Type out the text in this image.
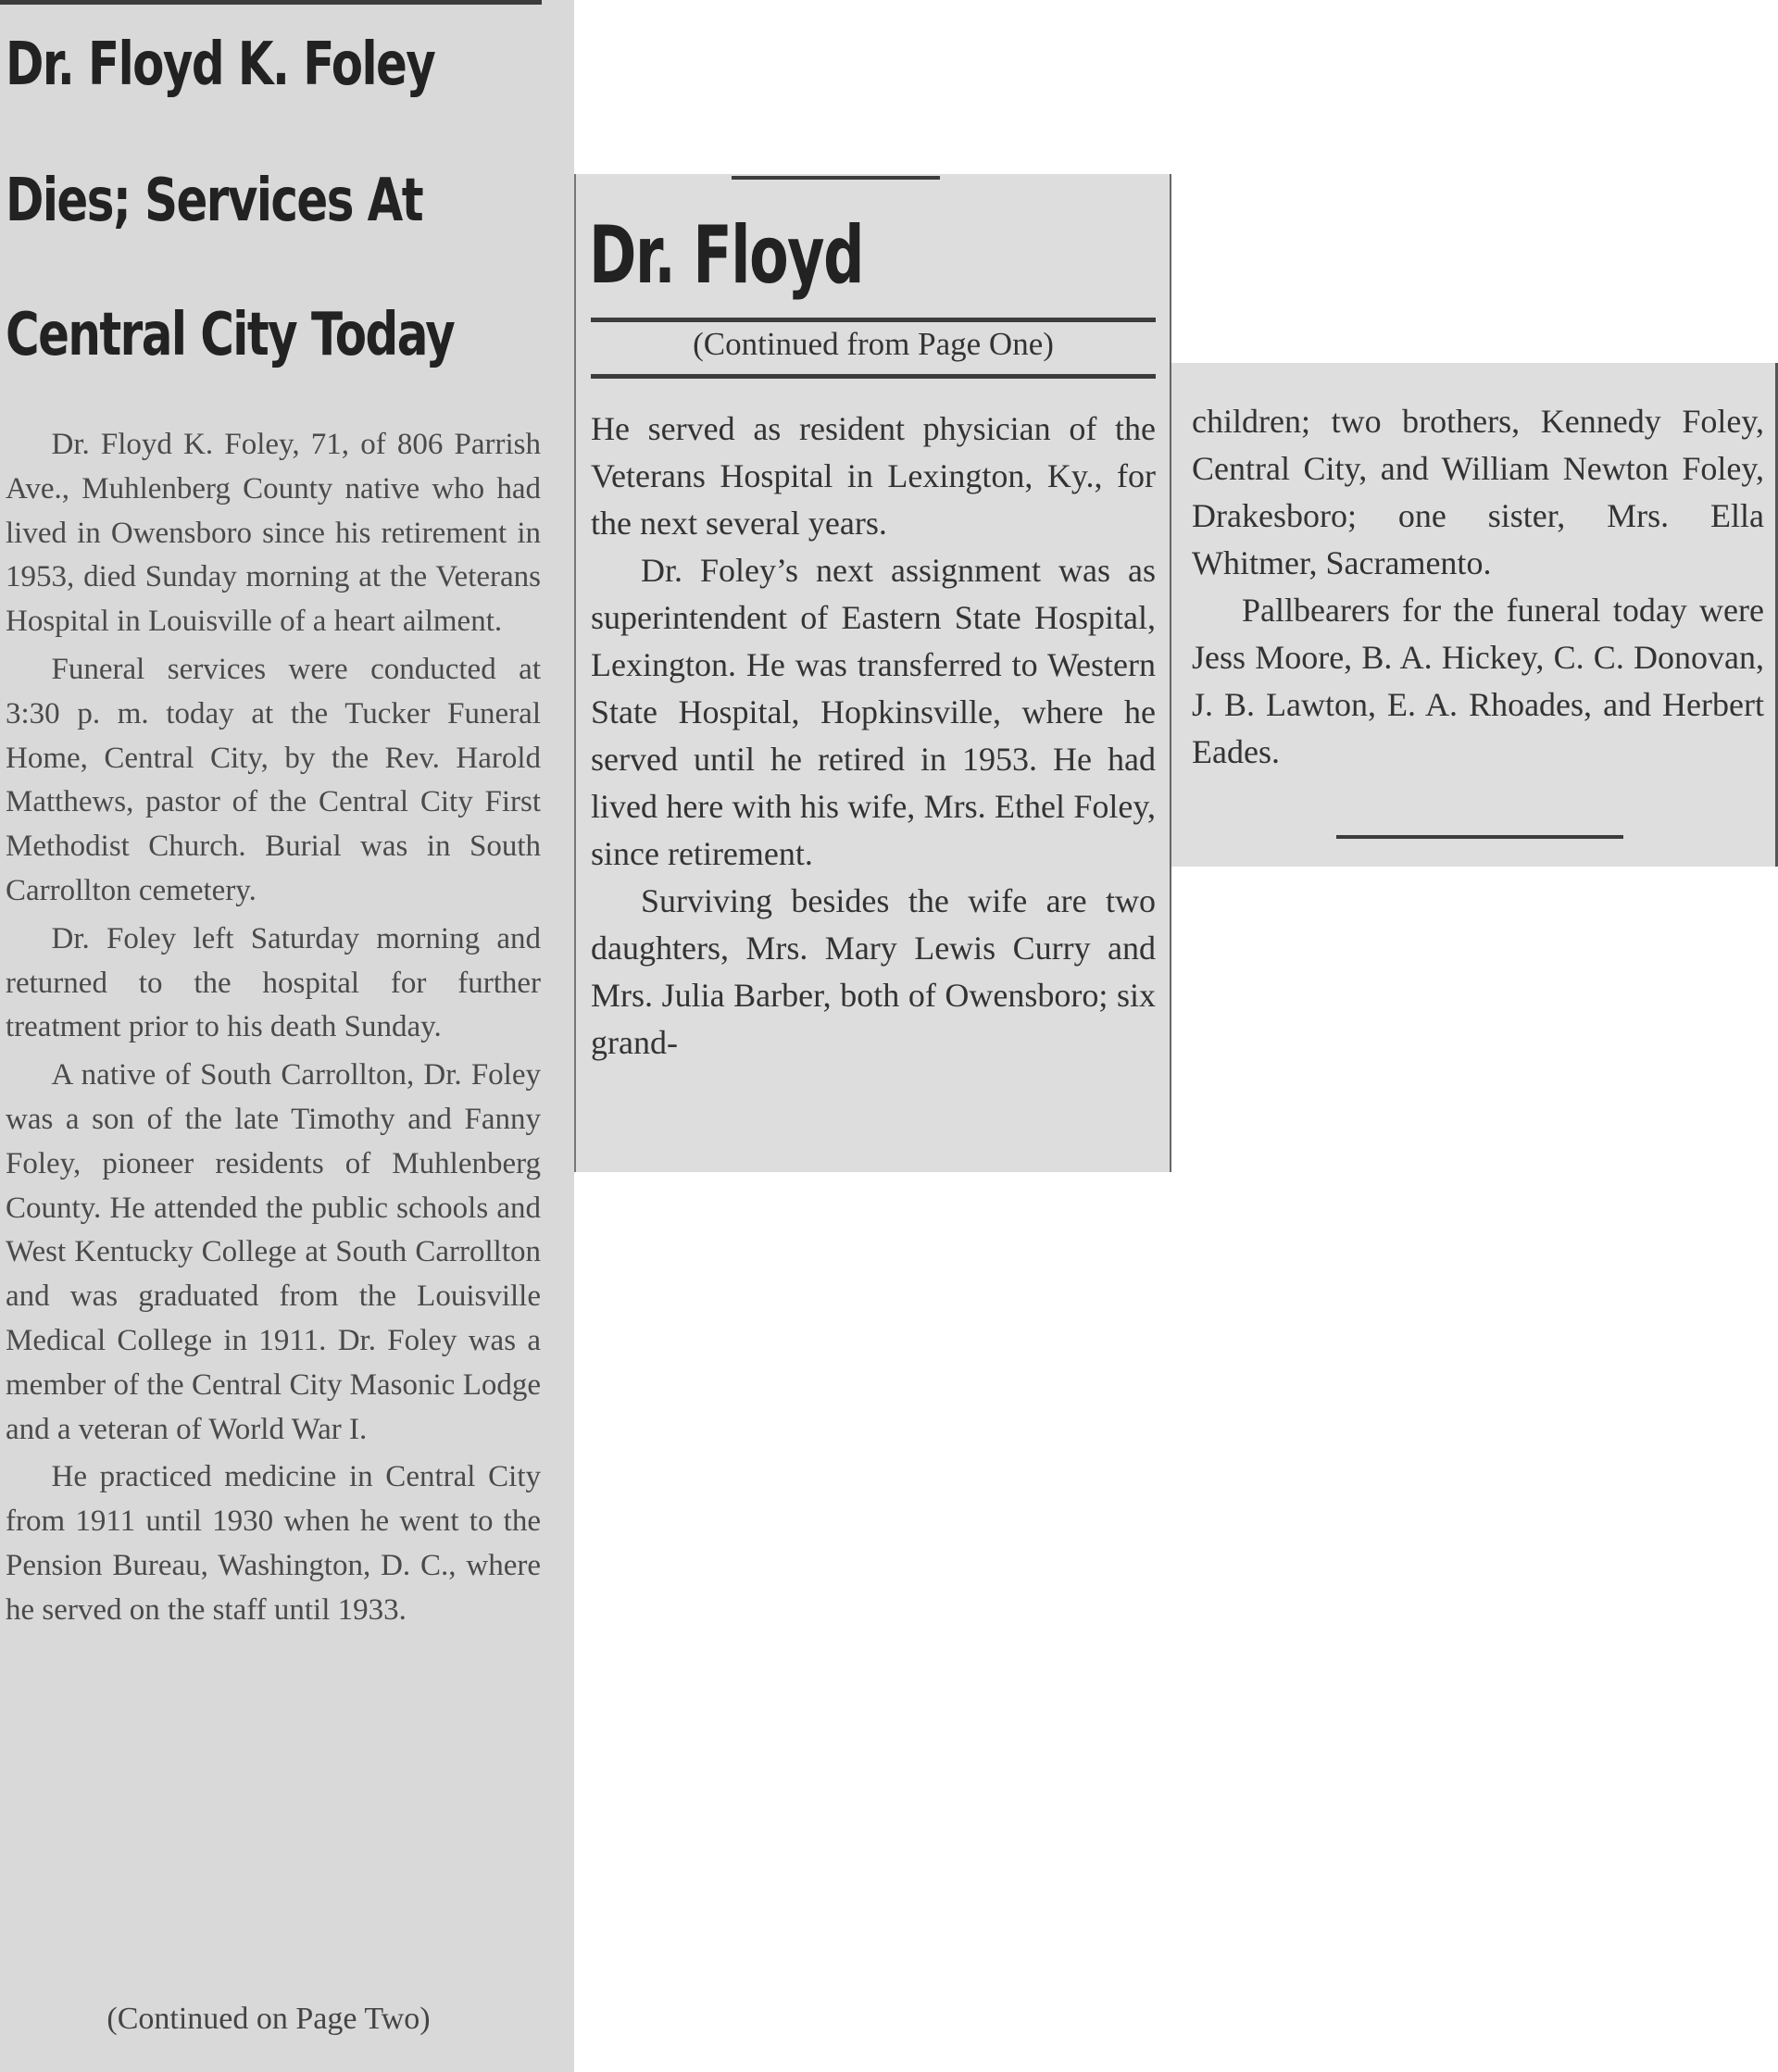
Dr. Floyd K. Foley
Dies; Services At
Central City Today

Dr. Floyd K. Foley, 71, of 806 Parrish Ave., Muhlenberg County native who had lived in Owensboro since his retirement in 1953, died Sunday morning at the Veterans Hospital in Louisville of a heart ailment.

Funeral services were conducted at 3:30 p. m. today at the Tucker Funeral Home, Central City, by the Rev. Harold Matthews, pastor of the Central City First Methodist Church. Burial was in South Carrollton cemetery.

Dr. Foley left Saturday morning and returned to the hospital for further treatment prior to his death Sunday.

A native of South Carrollton, Dr. Foley was a son of the late Timothy and Fanny Foley, pioneer residents of Muhlenberg County. He attended the public schools and West Kentucky College at South Carrollton and was graduated from the Louisville Medical College in 1911. Dr. Foley was a member of the Central City Masonic Lodge and a veteran of World War I.

He practiced medicine in Central City from 1911 until 1930 when he went to the Pension Bureau, Washington, D. C., where he served on the staff until 1933.

(Continued on Page Two)
Dr. Floyd
(Continued from Page One)

He served as resident physician of the Veterans Hospital in Lexington, Ky., for the next several years.

Dr. Foley’s next assignment was as superintendent of Eastern State Hospital, Lexington. He was transferred to Western State Hospital, Hopkinsville, where he served until he retired in 1953. He had lived here with his wife, Mrs. Ethel Foley, since retirement.

Surviving besides the wife are two daughters, Mrs. Mary Lewis Curry and Mrs. Julia Barber, both of Owensboro; six grand-

children; two brothers, Kennedy Foley, Central City, and William Newton Foley, Drakesboro; one sister, Mrs. Ella Whitmer, Sacramento.

Pallbearers for the funeral today were Jess Moore, B. A. Hickey, C. C. Donovan, J. B. Lawton, E. A. Rhoades, and Herbert Eades.
